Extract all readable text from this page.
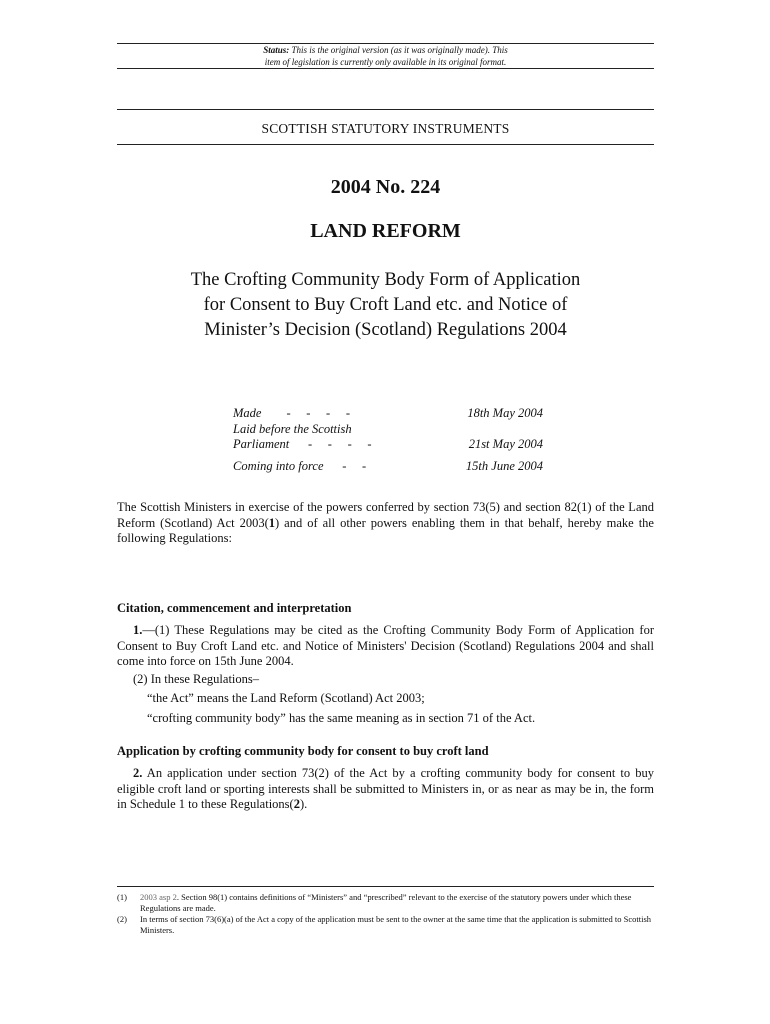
Status: This is the original version (as it was originally made). This
item of legislation is currently only available in its original format.
SCOTTISH STATUTORY INSTRUMENTS
2004 No. 224
LAND REFORM
The Crofting Community Body Form of Application
for Consent to Buy Croft Land etc. and Notice of
Minister’s Decision (Scotland) Regulations 2004
Made        -     -     -     -	18th May 2004
Laid before the Scottish
Parliament      -     -     -     -	21st May 2004
Coming into force      -     -	15th June 2004
The Scottish Ministers in exercise of the powers conferred by section 73(5) and section 82(1) of the Land Reform (Scotland) Act 2003(1) and of all other powers enabling them in that behalf, hereby make the following Regulations:
Citation, commencement and interpretation
1.—(1) These Regulations may be cited as the Crofting Community Body Form of Application for Consent to Buy Croft Land etc. and Notice of Ministers' Decision (Scotland) Regulations 2004 and shall come into force on 15th June 2004.
(2) In these Regulations–
“the Act” means the Land Reform (Scotland) Act 2003;
“crofting community body” has the same meaning as in section 71 of the Act.
Application by crofting community body for consent to buy croft land
2. An application under section 73(2) of the Act by a crofting community body for consent to buy eligible croft land or sporting interests shall be submitted to Ministers in, or as near as may be in, the form in Schedule 1 to these Regulations(2).
(1)	2003 asp 2. Section 98(1) contains definitions of “Ministers” and “prescribed” relevant to the exercise of the statutory powers under which these Regulations are made.
(2)	In terms of section 73(6)(a) of the Act a copy of the application must be sent to the owner at the same time that the application is submitted to Scottish Ministers.
